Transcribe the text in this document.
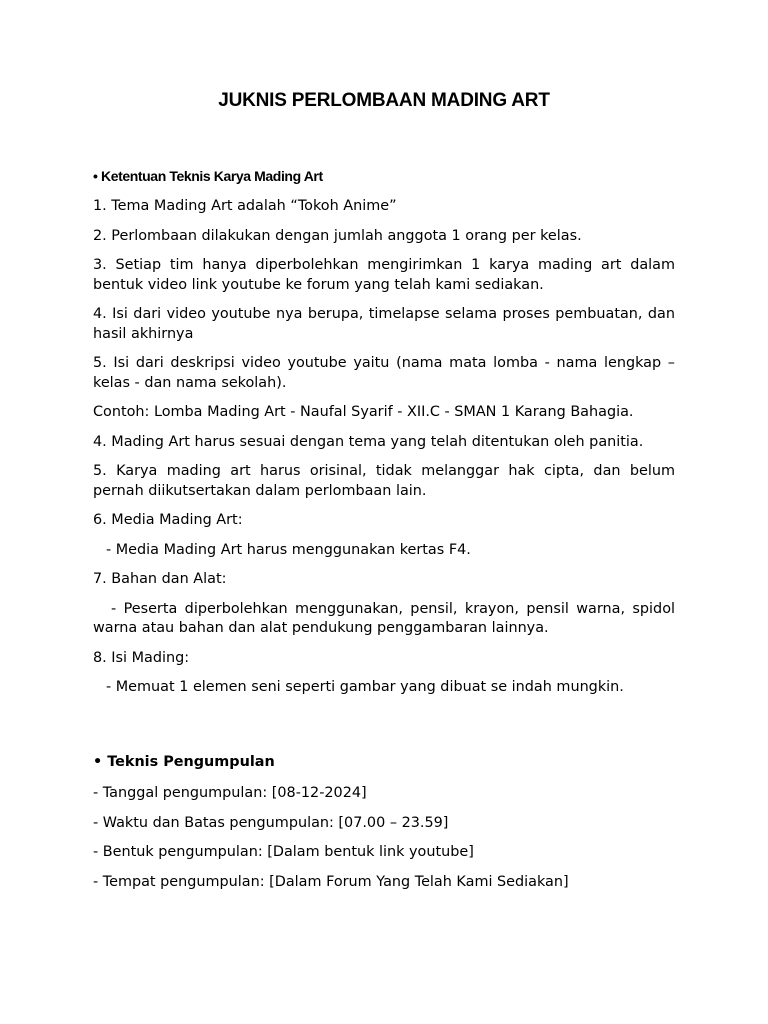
JUKNIS PERLOMBAAN MADING ART

• Ketentuan Teknis Karya Mading Art

1. Tema Mading Art adalah “Tokoh Anime”

2. Perlombaan dilakukan dengan jumlah anggota 1 orang per kelas.

3. Setiap tim hanya diperbolehkan mengirimkan 1 karya mading art dalam bentuk video link youtube ke forum yang telah kami sediakan.

4. Isi dari video youtube nya berupa, timelapse selama proses pembuatan, dan hasil akhirnya

5. Isi dari deskripsi video youtube yaitu (nama mata lomba - nama lengkap – kelas - dan nama sekolah).

Contoh: Lomba Mading Art - Naufal Syarif - XII.C - SMAN 1 Karang Bahagia.

4. Mading Art harus sesuai dengan tema yang telah ditentukan oleh panitia.

5. Karya mading art harus orisinal, tidak melanggar hak cipta, dan belum pernah diikutsertakan dalam perlombaan lain.

6. Media Mading Art:

- Media Mading Art harus menggunakan kertas F4.

7. Bahan dan Alat:

- Peserta diperbolehkan menggunakan, pensil, krayon, pensil warna, spidol warna atau bahan dan alat pendukung penggambaran lainnya.

8. Isi Mading:

- Memuat 1 elemen seni seperti gambar yang dibuat se indah mungkin.

• Teknis Pengumpulan

- Tanggal pengumpulan: [08-12-2024]

- Waktu dan Batas pengumpulan: [07.00 – 23.59]

- Bentuk pengumpulan: [Dalam bentuk link youtube]

- Tempat pengumpulan: [Dalam Forum Yang Telah Kami Sediakan]
